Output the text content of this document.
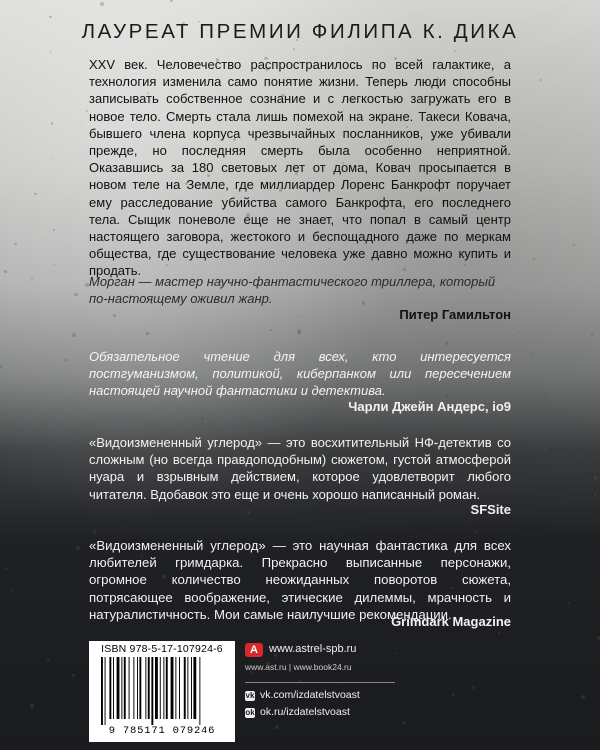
ЛАУРЕАТ ПРЕМИИ ФИЛИПА К. ДИКА
XXV век. Человечество распространилось по всей галактике, а технология изменила само понятие жизни. Теперь люди способны записывать собственное сознание и с легкостью загружать его в новое тело. Смерть стала лишь помехой на экране. Такеси Ковача, бывшего члена корпуса чрезвычайных посланников, уже убивали прежде, но последняя смерть была особенно неприятной. Оказавшись за 180 световых лет от дома, Ковач просыпается в новом теле на Земле, где миллиардер Лоренс Банкрофт поручает ему расследование убийства самого Банкрофта, его последнего тела. Сыщик поневоле еще не знает, что попал в самый центр настоящего заговора, жестокого и беспощадного даже по меркам общества, где существование человека уже давно можно купить и продать.
Морган — мастер научно-фантастического триллера, который по-настоящему оживил жанр.
Питер Гамильтон
Обязательное чтение для всех, кто интересуется постгуманизмом, политикой, киберпанком или пересечением настоящей научной фантастики и детектива.
Чарли Джейн Андерс, io9
«Видоизмененный углерод» — это восхитительный НФ-детектив со сложным (но всегда правдоподобным) сюжетом, густой атмосферой нуара и взрывным действием, которое удовлетворит любого читателя. Вдобавок это еще и очень хорошо написанный роман.
SFSite
«Видоизмененный углерод» — это научная фантастика для всех любителей гримдарка. Прекрасно выписанные персонажи, огромное количество неожиданных поворотов сюжета, потрясающее воображение, этические дилеммы, мрачность и натуралистичность. Мои самые наилучшие рекомендации.
Grimdark Magazine
ISBN 978-5-17-107924-6
9 785171 079246
A	www.astrel-spb.ru
www.ast.ru | www.book24.ru
vk vk.com/izdatelstvoast
ok ok.ru/izdatelstvoast
